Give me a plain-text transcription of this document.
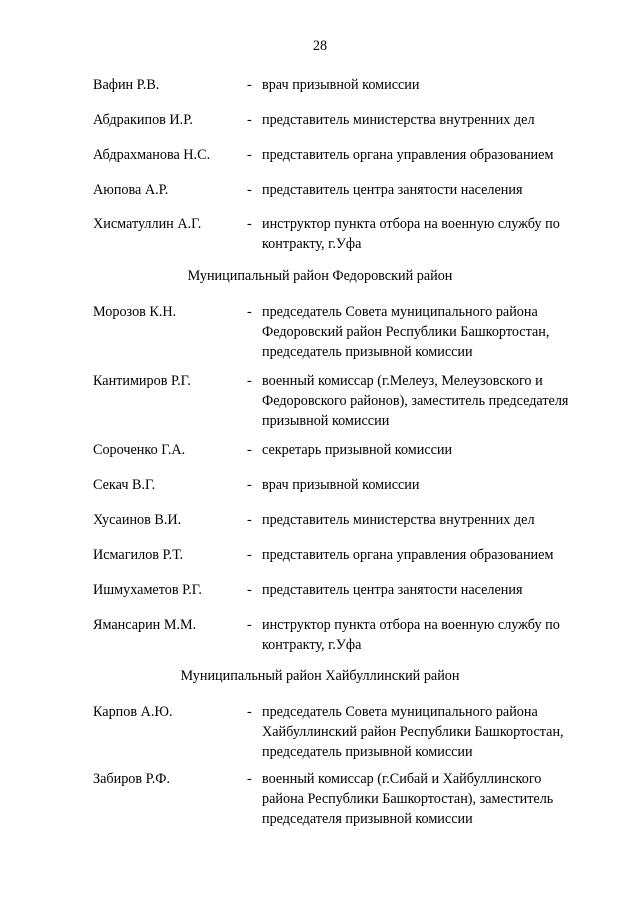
28
Вафин Р.В.	- врач призывной комиссии
Абдракипов И.Р.	- представитель министерства внутренних дел
Абдрахманова Н.С.	- представитель органа управления образованием
Аюпова А.Р.	- представитель центра занятости населения
Хисматуллин А.Г.	- инструктор пункта отбора на военную службу по
контракту, г.Уфа
Муниципальный район Федоровский район
Морозов К.Н.	- председатель Совета муниципального района
Федоровский район Республики Башкортостан,
председатель призывной комиссии
Кантимиров Р.Г.	- военный комиссар (г.Мелеуз, Мелеузовского и
Федоровского районов), заместитель председателя
призывной комиссии
Сороченко Г.А.	- секретарь призывной комиссии
Секач В.Г.	- врач призывной комиссии
Хусаинов В.И.	- представитель министерства внутренних дел
Исмагилов Р.Т.	- представитель органа управления образованием
Ишмухаметов Р.Г.	- представитель центра занятости населения
Ямансарин М.М.	- инструктор пункта отбора на военную службу по
контракту, г.Уфа
Муниципальный район Хайбуллинский район
Карпов А.Ю.	- председатель Совета муниципального района
Хайбуллинский район Республики Башкортостан,
председатель призывной комиссии
Забиров Р.Ф.	- военный комиссар (г.Сибай и Хайбуллинского
района Республики Башкортостан), заместитель
председателя призывной комиссии
